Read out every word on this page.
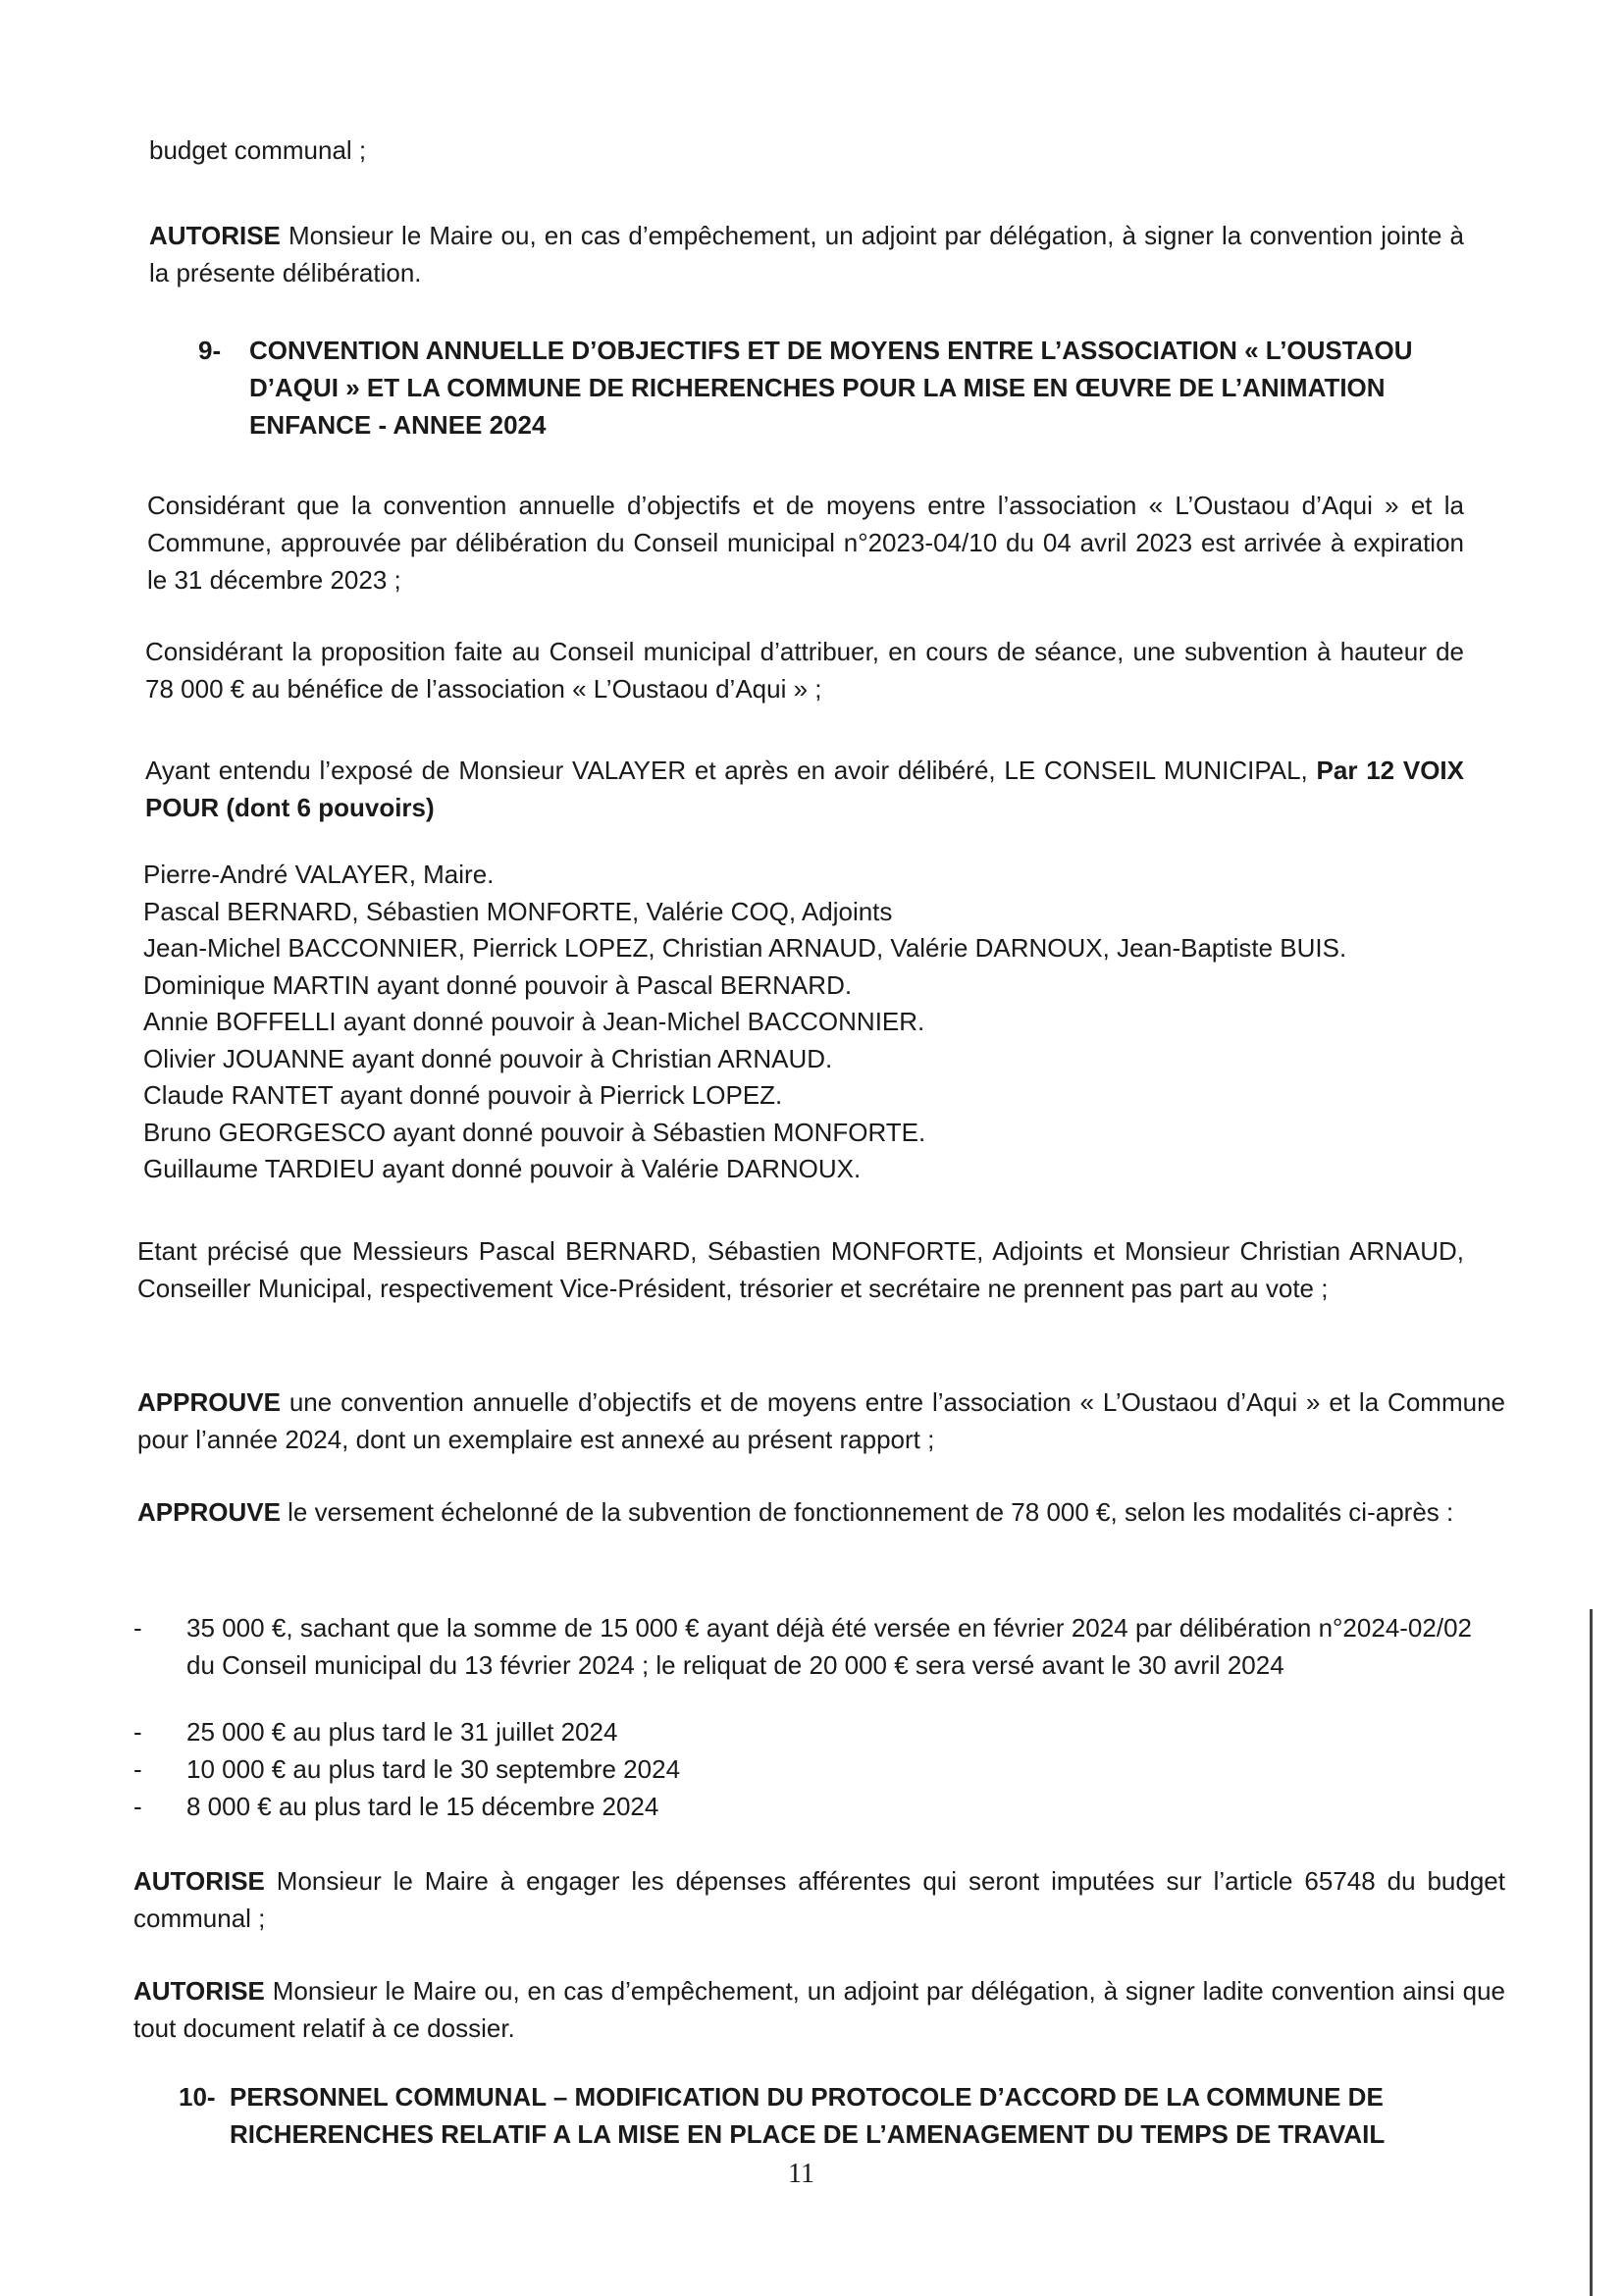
budget communal ;

AUTORISE Monsieur le Maire ou, en cas d’empêchement, un adjoint par délégation, à signer la convention jointe à la présente délibération.

9- CONVENTION ANNUELLE D’OBJECTIFS ET DE MOYENS ENTRE L’ASSOCIATION « L’OUSTAOU
D’AQUI » ET LA COMMUNE DE RICHERENCHES POUR LA MISE EN ŒUVRE DE L’ANIMATION
ENFANCE - ANNEE 2024

Considérant que la convention annuelle d’objectifs et de moyens entre l’association « L’Oustaou d’Aqui » et la Commune, approuvée par délibération du Conseil municipal n°2023-04/10 du 04 avril 2023 est arrivée à expiration le 31 décembre 2023 ;

Considérant la proposition faite au Conseil municipal d’attribuer, en cours de séance, une subvention à hauteur de 78 000 € au bénéfice de l’association « L’Oustaou d’Aqui » ;

Ayant entendu l’exposé de Monsieur VALAYER et après en avoir délibéré, LE CONSEIL MUNICIPAL, Par 12 VOIX POUR (dont 6 pouvoirs)

Pierre-André VALAYER, Maire.
Pascal BERNARD, Sébastien MONFORTE, Valérie COQ, Adjoints
Jean-Michel BACCONNIER, Pierrick LOPEZ, Christian ARNAUD, Valérie DARNOUX, Jean-Baptiste BUIS.
Dominique MARTIN ayant donné pouvoir à Pascal BERNARD.
Annie BOFFELLI ayant donné pouvoir à Jean-Michel BACCONNIER.
Olivier JOUANNE ayant donné pouvoir à Christian ARNAUD.
Claude RANTET ayant donné pouvoir à Pierrick LOPEZ.
Bruno GEORGESCO ayant donné pouvoir à Sébastien MONFORTE.
Guillaume TARDIEU ayant donné pouvoir à Valérie DARNOUX.

Etant précisé que Messieurs Pascal BERNARD, Sébastien MONFORTE, Adjoints et Monsieur Christian ARNAUD, Conseiller Municipal, respectivement Vice-Président, trésorier et secrétaire ne prennent pas part au vote ;

APPROUVE une convention annuelle d’objectifs et de moyens entre l’association « L’Oustaou d’Aqui » et la Commune pour l’année 2024, dont un exemplaire est annexé au présent rapport ;

APPROUVE le versement échelonné de la subvention de fonctionnement de 78 000 €, selon les modalités ci-après :

- 35 000 €, sachant que la somme de 15 000 € ayant déjà été versée en février 2024 par délibération n°2024-02/02 du Conseil municipal du 13 février 2024 ; le reliquat de 20 000 € sera versé avant le 30 avril 2024
- 25 000 € au plus tard le 31 juillet 2024
- 10 000 € au plus tard le 30 septembre 2024
- 8 000 € au plus tard le 15 décembre 2024

AUTORISE Monsieur le Maire à engager les dépenses afférentes qui seront imputées sur l’article 65748 du budget communal ;

AUTORISE Monsieur le Maire ou, en cas d’empêchement, un adjoint par délégation, à signer ladite convention ainsi que tout document relatif à ce dossier.

10- PERSONNEL COMMUNAL – MODIFICATION DU PROTOCOLE D’ACCORD DE LA COMMUNE DE
RICHERENCHES RELATIF A LA MISE EN PLACE DE L’AMENAGEMENT DU TEMPS DE TRAVAIL
11
